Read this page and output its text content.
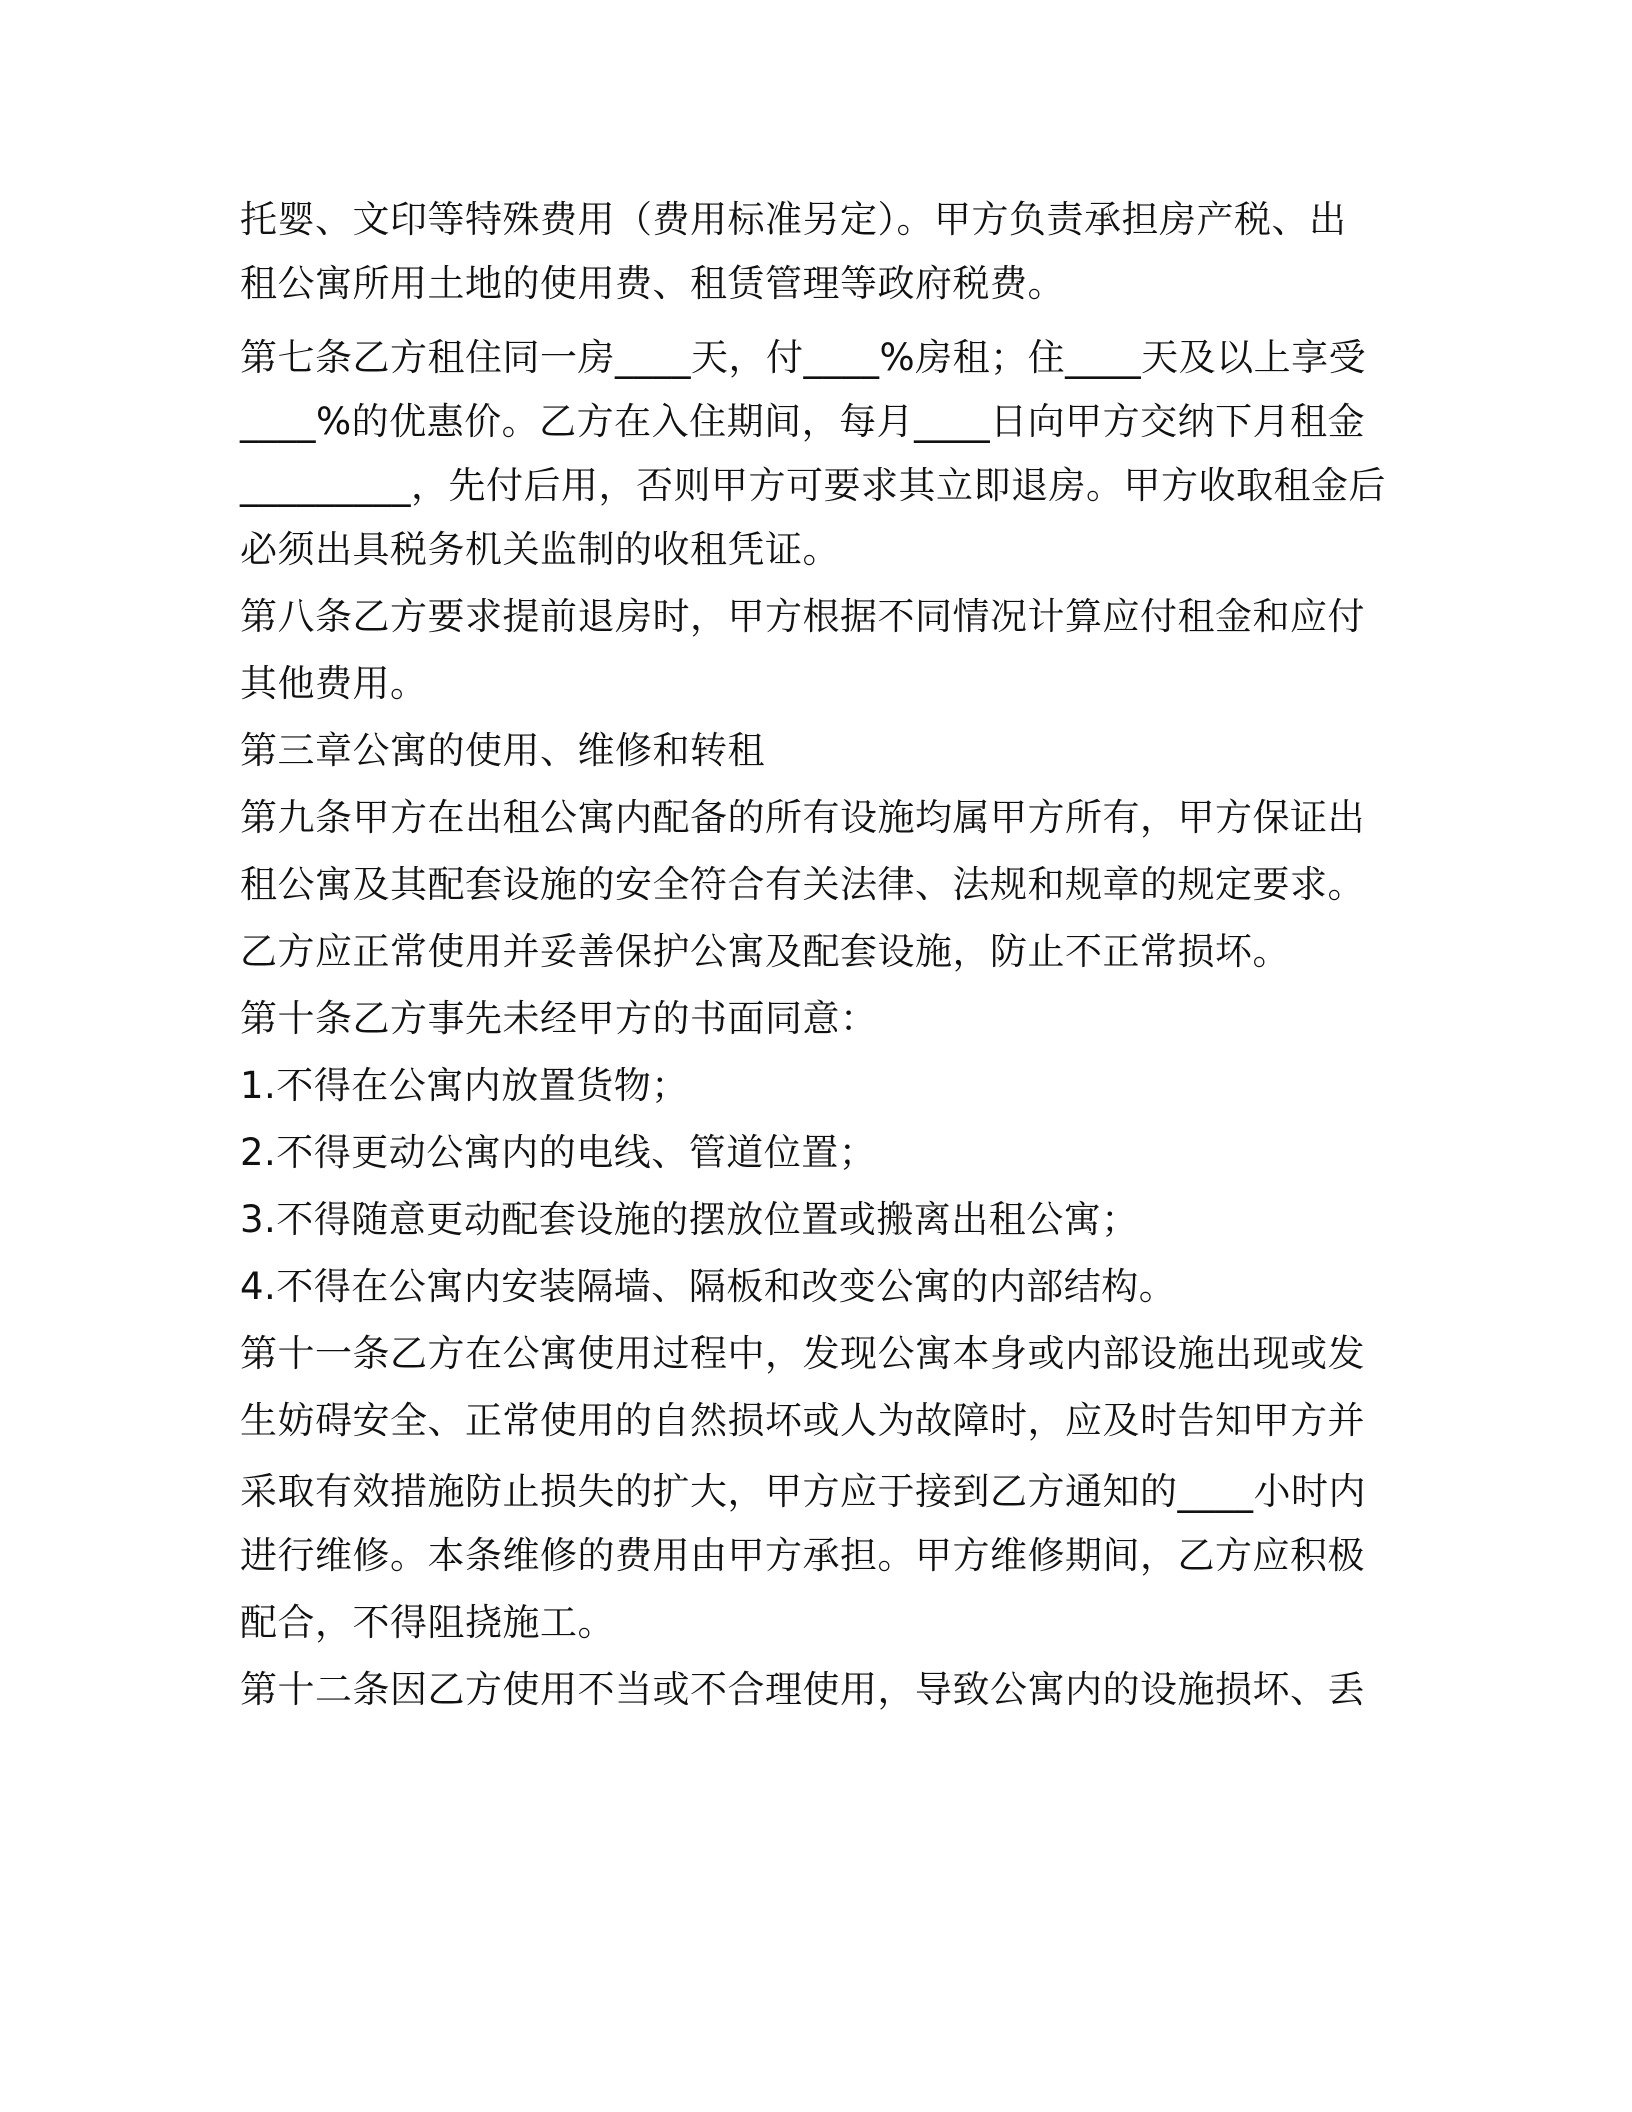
托婴、文印等特殊费用（费用标准另定）。甲方负责承担房产税、出
租公寓所用土地的使用费、租赁管理等政府税费。
第七条乙方租住同一房____天，付____%房租；住____天及以上享受
____%的优惠价。乙方在入住期间，每月____日向甲方交纳下月租金
_________，先付后用，否则甲方可要求其立即退房。甲方收取租金后
必须出具税务机关监制的收租凭证。
第八条乙方要求提前退房时，甲方根据不同情况计算应付租金和应付
其他费用。
第三章公寓的使用、维修和转租
第九条甲方在出租公寓内配备的所有设施均属甲方所有，甲方保证出
租公寓及其配套设施的安全符合有关法律、法规和规章的规定要求。
乙方应正常使用并妥善保护公寓及配套设施，防止不正常损坏。
第十条乙方事先未经甲方的书面同意：
1.不得在公寓内放置货物；
2.不得更动公寓内的电线、管道位置；
3.不得随意更动配套设施的摆放位置或搬离出租公寓；
4.不得在公寓内安装隔墙、隔板和改变公寓的内部结构。
第十一条乙方在公寓使用过程中，发现公寓本身或内部设施出现或发
生妨碍安全、正常使用的自然损坏或人为故障时，应及时告知甲方并
采取有效措施防止损失的扩大，甲方应于接到乙方通知的____小时内
进行维修。本条维修的费用由甲方承担。甲方维修期间，乙方应积极
配合，不得阻挠施工。
第十二条因乙方使用不当或不合理使用，导致公寓内的设施损坏、丢
